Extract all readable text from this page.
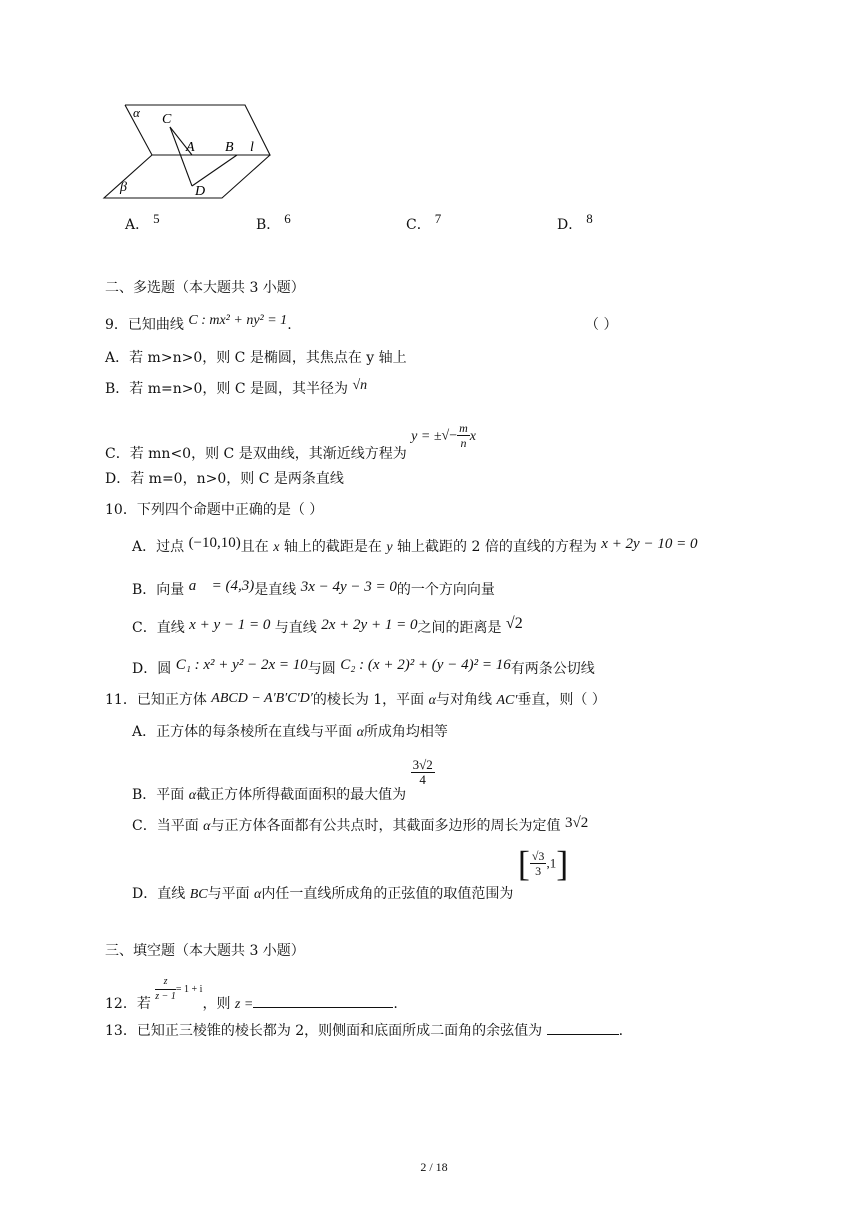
α C
A B l
β	D
A． 5	B． 6	C． 7	D． 8
二、多选题（本大题共 3 小题）
9．已知曲线 C : mx² + ny² = 1.	（ ）
A．若 m>n>0，则 C 是椭圆，其焦点在 y 轴上
B．若 m=n>0，则 C 是圆，其半径为 √n
C．若 mn<0，则 C 是双曲线，其渐近线方程为 y = ±√− $\frac{m}{n}$ x
D．若 m=0，n>0，则 C 是两条直线
10．下列四个命题中正确的是（ ）
A．过点 (−10,10)且在 x 轴上的截距是在 y 轴上截距的 2 倍的直线的方程为 x + 2y − 10 = 0
B．向量 a⃗ = (4,3)是直线 3x − 4y − 3 = 0的一个方向向量
C．直线 x + y − 1 = 0 与直线 2x + 2y + 1 = 0之间的距离是 √2
D．圆 C₁ : x² + y² − 2x = 10与圆 C₂ : (x + 2)² + (y − 4)² = 16有两条公切线
11．已知正方体 ABCD − A′B′C′D′的棱长为 1，平面 α与对角线 AC′垂直，则（ ）
A．正方体的每条棱所在直线与平面 α所成角均相等
B．平面 α截正方体所得截面面积的最大值为
$\frac{3√2}{4}$
C．当平面 α与正方体各面都有公共点时，其截面多边形的周长为定值 3√2
D．直线 BC与平面 α内任一直线所成角的正弦值的取值范围为 [ $\frac{√3}{3} ,1$]
三、填空题（本大题共 3 小题）
12．若 $\frac{z}{z - 1} = 1 + i$，则 z =	.
13．已知正三棱锥的棱长都为 2，则侧面和底面所成二面角的余弦值为	.
2 / 18
